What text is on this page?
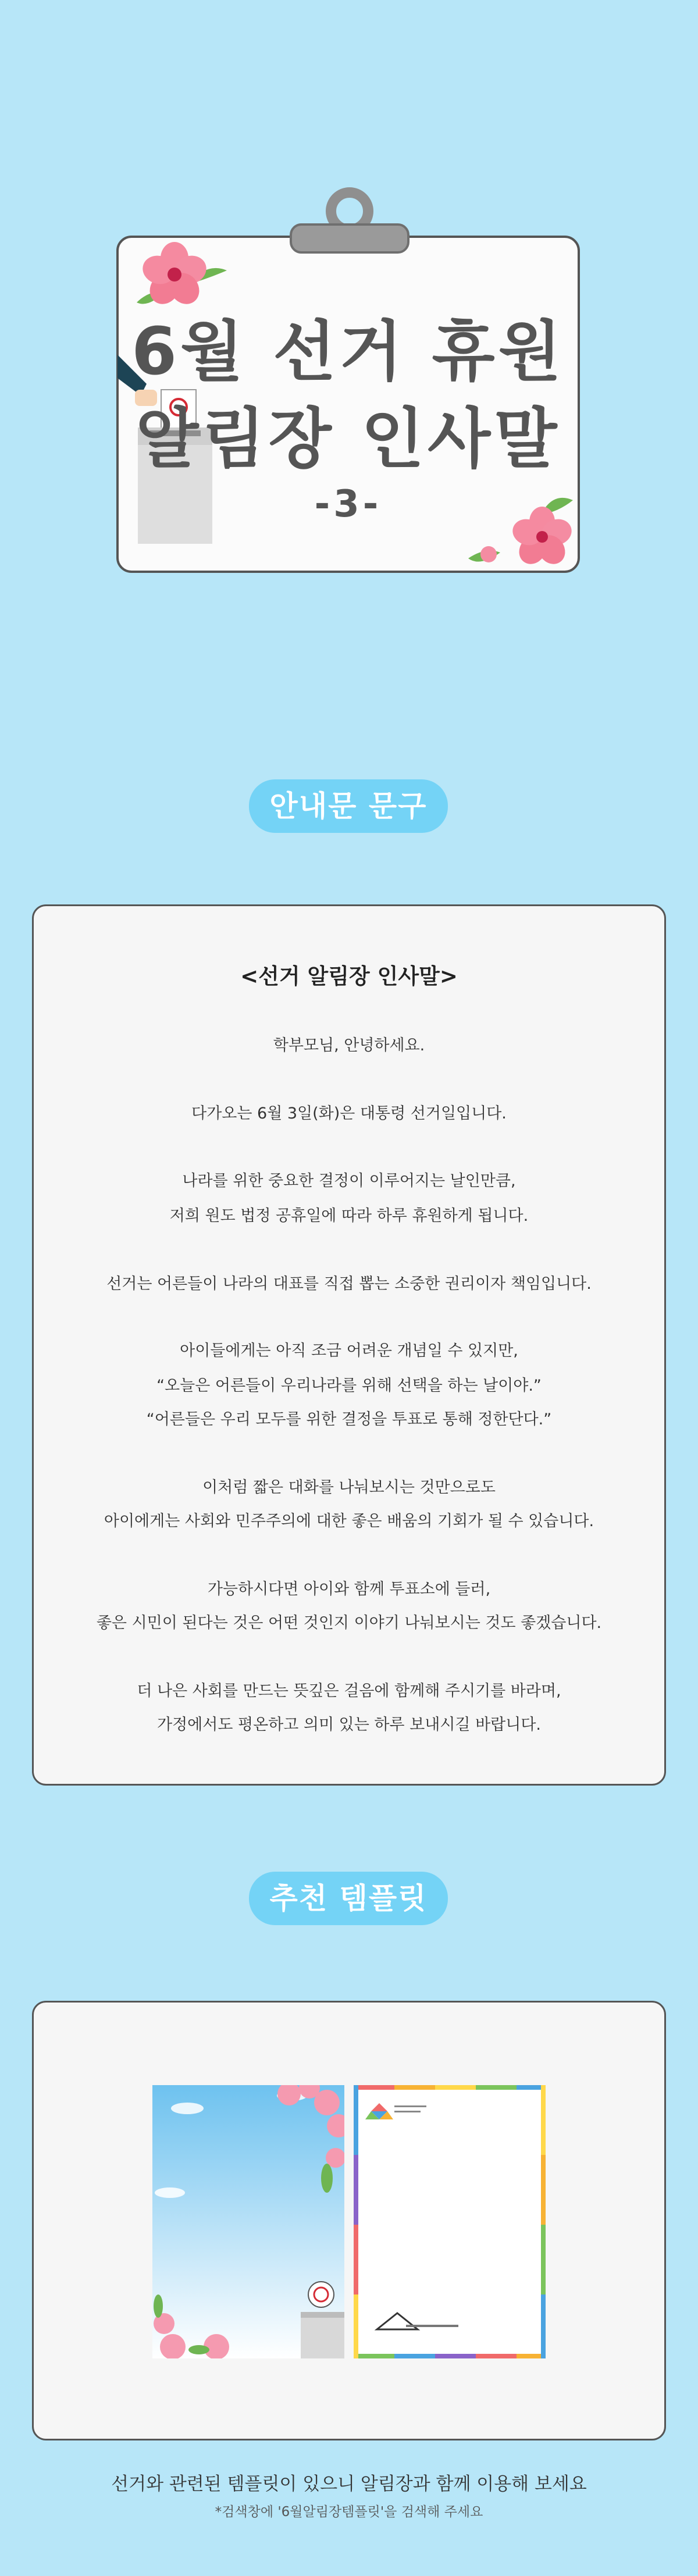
6월 선거 휴원
알림장 인사말
-3-
안내문 문구
<선거 알림장 인사말>
학부모님, 안녕하세요.
다가오는 6월 3일(화)은 대통령 선거일입니다.
나라를 위한 중요한 결정이 이루어지는 날인만큼,
저희 원도 법정 공휴일에 따라 하루 휴원하게 됩니다.
선거는 어른들이 나라의 대표를 직접 뽑는 소중한 권리이자 책임입니다.
아이들에게는 아직 조금 어려운 개념일 수 있지만,
“오늘은 어른들이 우리나라를 위해 선택을 하는 날이야.”
“어른들은 우리 모두를 위한 결정을 투표로 통해 정한단다.”
이처럼 짧은 대화를 나눠보시는 것만으로도
아이에게는 사회와 민주주의에 대한 좋은 배움의 기회가 될 수 있습니다.
가능하시다면 아이와 함께 투표소에 들러,
좋은 시민이 된다는 것은 어떤 것인지 이야기 나눠보시는 것도 좋겠습니다.
더 나은 사회를 만드는 뜻깊은 걸음에 함께해 주시기를 바라며,
가정에서도 평온하고 의미 있는 하루 보내시길 바랍니다.
추천 템플릿
선거와 관련된 템플릿이 있으니 알림장과 함께 이용해 보세요
*검색창에 '6월알림장템플릿'을 검색해 주세요
